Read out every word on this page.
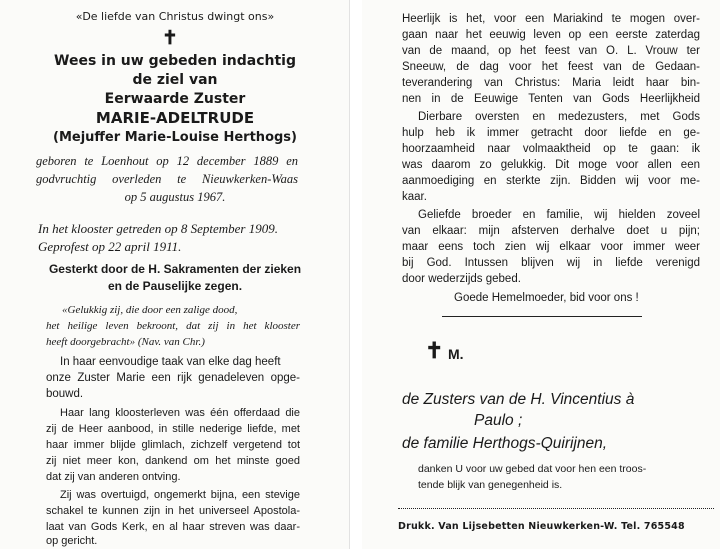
«De liefde van Christus dwingt ons»
✝
Wees in uw gebeden indachtig
de ziel van
Eerwaarde Zuster
MARIE-ADELTRUDE
(Mejuffer Marie-Louise Herthogs)
geboren te Loenhout op 12 december 1889 en
godvruchtig overleden te Nieuwkerken-Waas
op 5 augustus 1967.
In het klooster getreden op 8 September 1909.
Geprofest op 22 april 1911.
Gesterkt door de H. Sakramenten der zieken
en de Pauselijke zegen.
«Gelukkig zij, die door een zalige dood,
het heilige leven bekroont, dat zij in het klooster
heeft doorgebracht» (Nav. van Chr.)
In haar eenvoudige taak van elke dag heeft
onze Zuster Marie een rijk genadeleven opge-
bouwd.
Haar lang kloosterleven was één offerdaad die
zij de Heer aanbood, in stille nederige liefde, met
haar immer blijde glimlach, zichzelf vergetend tot
zij niet meer kon, dankend om het minste goed
dat zij van anderen ontving.
Zij was overtuigd, ongemerkt bijna, een stevige
schakel te kunnen zijn in het universeel Apostola-
laat van Gods Kerk, en al haar streven was daar-
op gericht.
Heerlijk is het, voor een Mariakind te mogen over-
gaan naar het eeuwig leven op een eerste zaterdag
van de maand, op het feest van O. L. Vrouw ter
Sneeuw, de dag voor het feest van de Gedaan-
teverandering van Christus: Maria leidt haar bin-
nen in de Eeuwige Tenten van Gods Heerlijkheid
Dierbare oversten en medezusters, met Gods
hulp heb ik immer getracht door liefde en ge-
hoorzaamheid naar volmaaktheid op te gaan: ik
was daarom zo gelukkig. Dit moge voor allen een
aanmoediging en sterkte zijn. Bidden wij voor me-
kaar.
Geliefde broeder en familie, wij hielden zoveel
van elkaar: mijn afsterven derhalve doet u pijn;
maar eens toch zien wij elkaar voor immer weer
bij God. Intussen blijven wij in liefde verenigd
door wederzijds gebed.
Goede Hemelmoeder, bid voor ons !
✝ M.
de Zusters van de H. Vincentius à
Paulo ;
de familie Herthogs-Quirijnen,
danken U voor uw gebed dat voor hen een troos-
tende blijk van genegenheid is.
Drukk. Van Lijsebetten Nieuwkerken-W. Tel. 765548
